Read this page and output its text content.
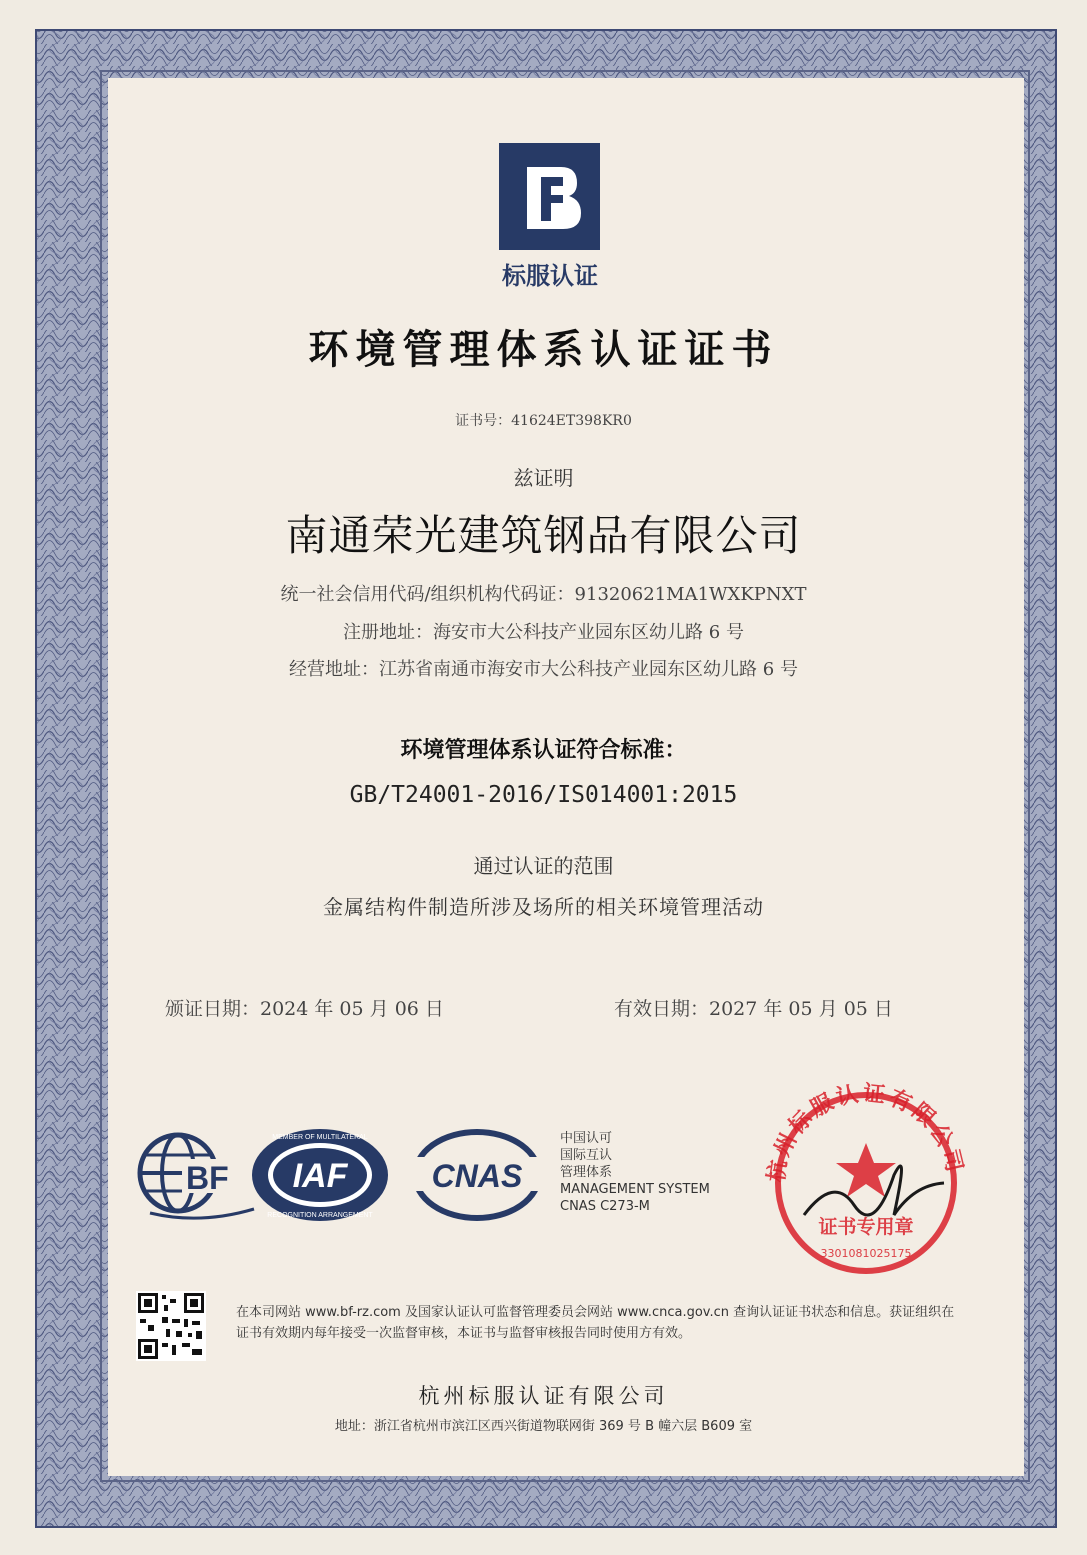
标服认证
环境管理体系认证证书
证书号：41624ET398KR0
兹证明
南通荣光建筑钢品有限公司
统一社会信用代码/组织机构代码证：91320621MA1WXKPNXT
注册地址：海安市大公科技产业园东区幼儿路 6 号
经营地址：江苏省南通市海安市大公科技产业园东区幼儿路 6 号
环境管理体系认证符合标准：
GB/T24001-2016/IS014001:2015
通过认证的范围
金属结构件制造所涉及场所的相关环境管理活动
颁证日期：2024 年 05 月 06 日	有效日期：2027 年 05 月 05 日
BF IAF
MEMBER OF MULTILATERAL
RECOGNITION ARRANGEMENT
CNAS
中国认可
国际互认
管理体系
MANAGEMENT SYSTEM
CNAS C273-M
杭州标服认证有限公司
证书专用章
3301081025175
在本司网站 www.bf-rz.com 及国家认证认可监督管理委员会网站 www.cnca.gov.cn 查询认证证书状态和信息。获证组织在证书有效期内每年接受一次监督审核，本证书与监督审核报告同时使用方有效。
杭州标服认证有限公司
地址：浙江省杭州市滨江区西兴街道物联网街 369 号 B 幢六层 B609 室
